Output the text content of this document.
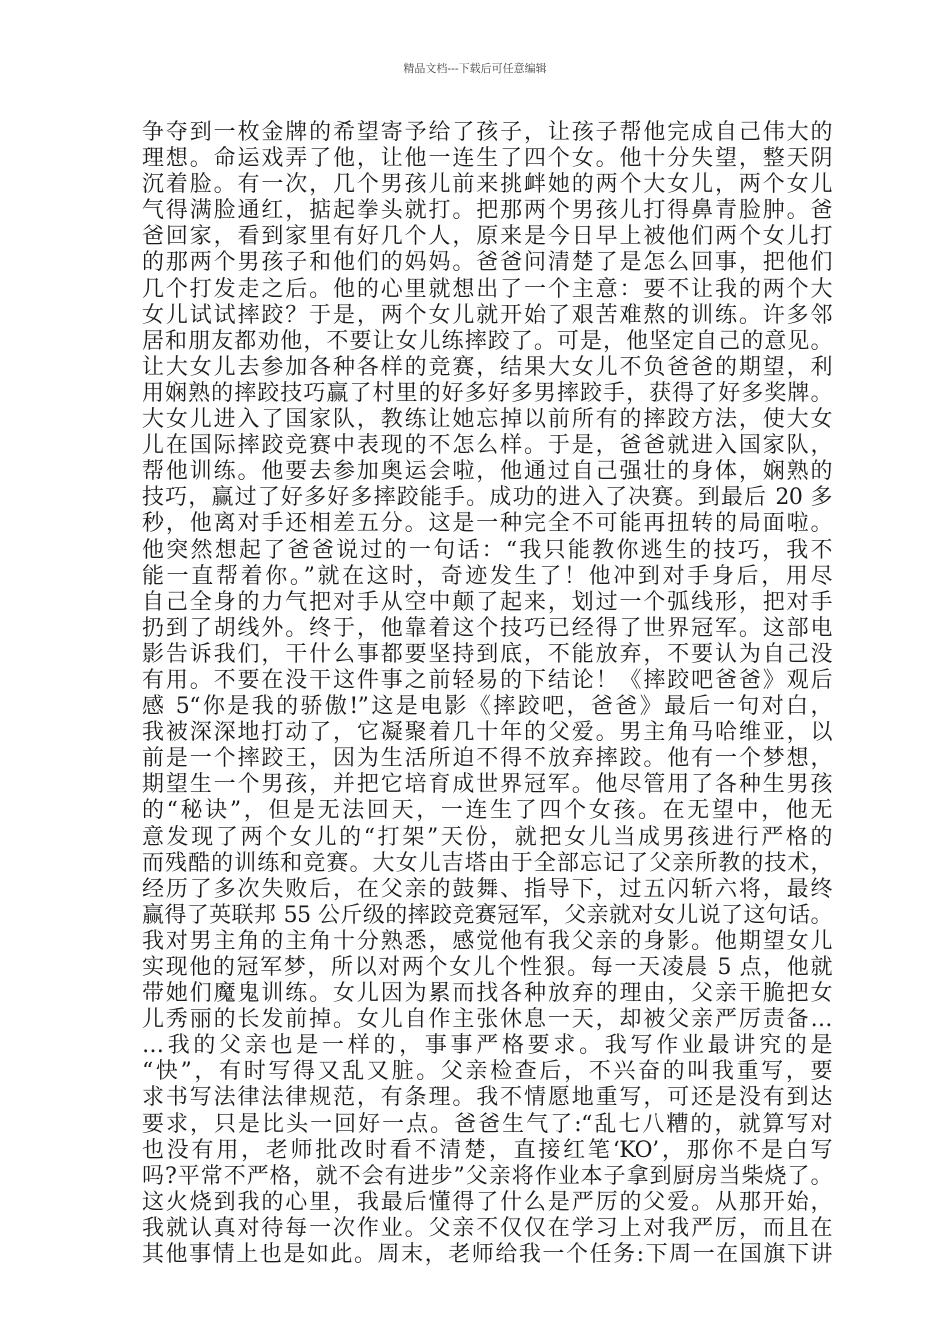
精品文档---下载后可任意编辑
争夺到一枚金牌的希望寄予给了孩子，让孩子帮他完成自己伟大的
理想。命运戏弄了他，让他一连生了四个女。他十分失望，整天阴
沉着脸。有一次，几个男孩儿前来挑衅她的两个大女儿，两个女儿
气得满脸通红，掂起拳头就打。把那两个男孩儿打得鼻青脸肿。爸
爸回家，看到家里有好几个人，原来是今日早上被他们两个女儿打
的那两个男孩子和他们的妈妈。爸爸问清楚了是怎么回事，把他们
几个打发走之后。他的心里就想出了一个主意：要不让我的两个大
女儿试试摔跤？于是，两个女儿就开始了艰苦难熬的训练。许多邻
居和朋友都劝他，不要让女儿练摔跤了。可是，他坚定自己的意见。
让大女儿去参加各种各样的竞赛，结果大女儿不负爸爸的期望，利
用娴熟的摔跤技巧赢了村里的好多好多男摔跤手，获得了好多奖牌。
大女儿进入了国家队，教练让她忘掉以前所有的摔跤方法，使大女
儿在国际摔跤竞赛中表现的不怎么样。于是，爸爸就进入国家队，
帮他训练。他要去参加奥运会啦，他通过自己强壮的身体，娴熟的
技巧，赢过了好多好多摔跤能手。成功的进入了决赛。到最后 20 多
秒，他离对手还相差五分。这是一种完全不可能再扭转的局面啦。
他突然想起了爸爸说过的一句话：“我只能教你逃生的技巧，我不
能一直帮着你。”就在这时，奇迹发生了！他冲到对手身后，用尽
自己全身的力气把对手从空中颠了起来，划过一个弧线形，把对手
扔到了胡线外。终于，他靠着这个技巧已经得了世界冠军。这部电
影告诉我们，干什么事都要坚持到底，不能放弃，不要认为自己没
有用。不要在没干这件事之前轻易的下结论！《摔跤吧爸爸》观后
感 5“你是我的骄傲!”这是电影《摔跤吧，爸爸》最后一句对白，
我被深深地打动了，它凝聚着几十年的父爱。男主角马哈维亚，以
前是一个摔跤王，因为生活所迫不得不放弃摔跤。他有一个梦想，
期望生一个男孩，并把它培育成世界冠军。他尽管用了各种生男孩
的“秘诀”，但是无法回天，一连生了四个女孩。在无望中，他无
意发现了两个女儿的“打架”天份，就把女儿当成男孩进行严格的
而残酷的训练和竞赛。大女儿吉塔由于全部忘记了父亲所教的技术，
经历了多次失败后，在父亲的鼓舞、指导下，过五闪斩六将，最终
赢得了英联邦 55 公斤级的摔跤竞赛冠军，父亲就对女儿说了这句话。
我对男主角的主角十分熟悉，感觉他有我父亲的身影。他期望女儿
实现他的冠军梦，所以对两个女儿个性狠。每一天凌晨 5 点，他就
带她们魔鬼训练。女儿因为累而找各种放弃的理由，父亲干脆把女
儿秀丽的长发前掉。女儿自作主张休息一天，却被父亲严厉责备…
…我的父亲也是一样的，事事严格要求。我写作业最讲究的是
“快”，有时写得又乱又脏。父亲检查后，不兴奋的叫我重写，要
求书写法律法律规范，有条理。我不情愿地重写，可还是没有到达
要求，只是比头一回好一点。爸爸生气了:“乱七八糟的，就算写对
也没有用，老师批改时看不清楚，直接红笔‘KO’，那你不是白写
吗?平常不严格，就不会有进步”父亲将作业本子拿到厨房当柴烧了。
这火烧到我的心里，我最后懂得了什么是严厉的父爱。从那开始，
我就认真对待每一次作业。父亲不仅仅在学习上对我严厉，而且在
其他事情上也是如此。周末，老师给我一个任务:下周一在国旗下讲
